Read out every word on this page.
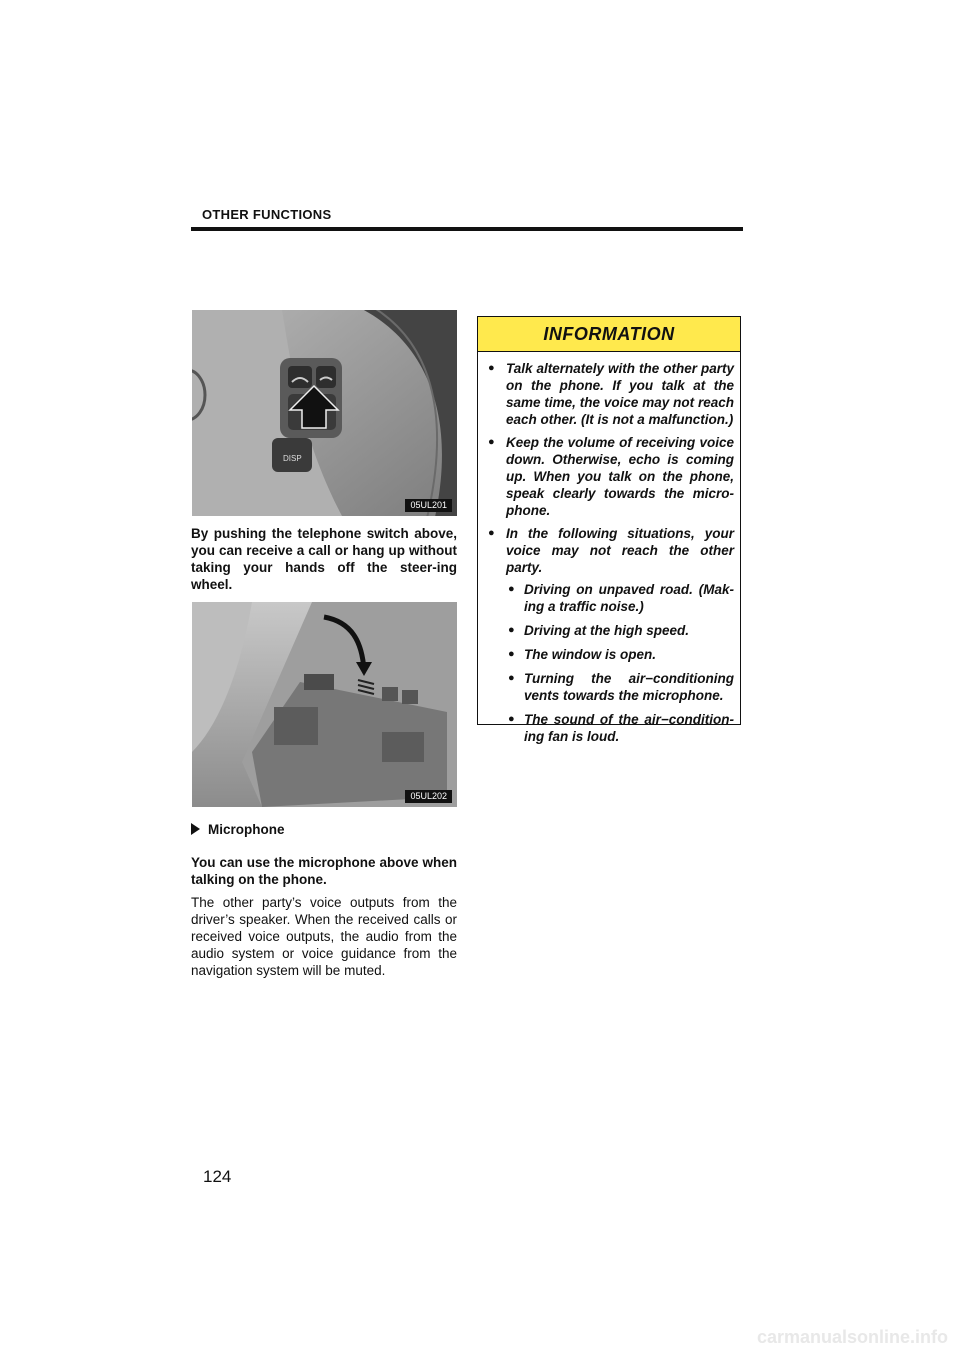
OTHER FUNCTIONS
DISP
05UL201

By pushing the telephone switch above, you can receive a call or hang up without taking your hands off the steer-ing wheel.

05UL202
Microphone

You can use the microphone above when talking on the phone.

The other party’s voice outputs from the driver’s speaker. When the received calls or received voice outputs, the audio from the audio system or voice guidance from the navigation system will be muted.

INFORMATION
● Talk alternately with the other party on the phone. If you talk at the same time, the voice may not reach each other. (It is not a malfunction.)
● Keep the volume of receiving voice down. Otherwise, echo is coming up. When you talk on the phone, speak clearly towards the micro-phone.
● In the following situations, your voice may not reach the other party.
● Driving on unpaved road. (Mak-ing a traffic noise.)
● Driving at the high speed.
● The window is open.
● Turning the air−conditioning vents towards the microphone.
● The sound of the air−condition-ing fan is loud.
124
carmanualsonline.info
